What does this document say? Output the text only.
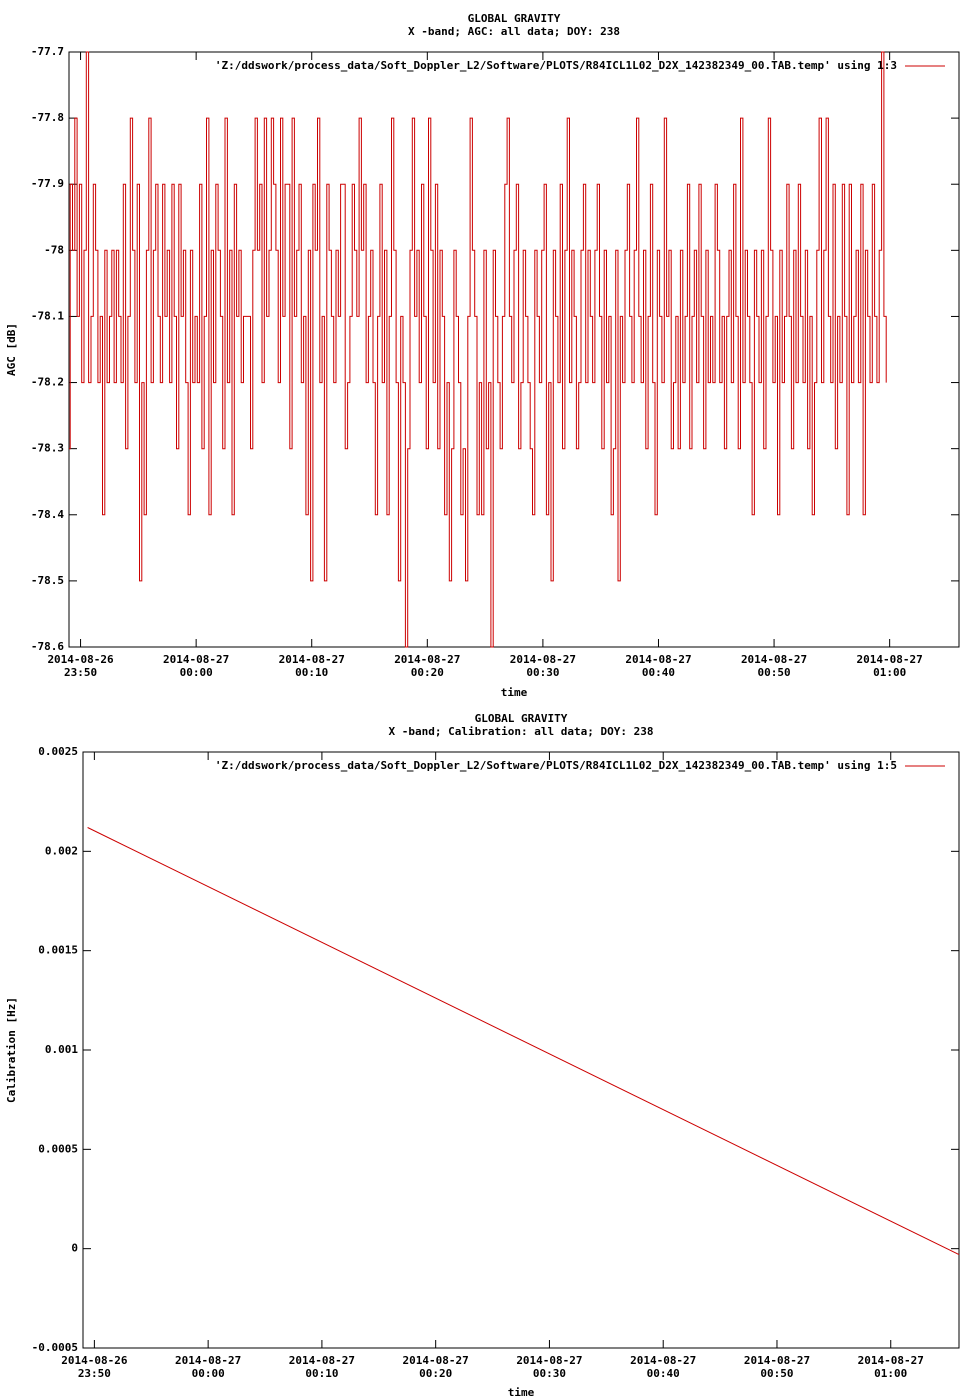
GLOBAL GRAVITY
X -band; AGC: all data; DOY: 238
-77.7
-77.8
-77.9
-78
-78.1
-78.2
-78.3
-78.4
-78.5
-78.6
2014-08-26
23:50
2014-08-27
00:00
2014-08-27
00:10
2014-08-27
00:20
2014-08-27
00:30
2014-08-27
00:40
2014-08-27
00:50
2014-08-27
01:00
time
AGC [dB]
'Z:/ddswork/process_data/Soft_Doppler_L2/Software/PLOTS/R84ICL1L02_D2X_142382349_00.TAB.temp' using 1:3
GLOBAL GRAVITY
X -band; Calibration: all data; DOY: 238
0.0025
0.002
0.0015
0.001
0.0005
0
-0.0005
2014-08-26
23:50
2014-08-27
00:00
2014-08-27
00:10
2014-08-27
00:20
2014-08-27
00:30
2014-08-27
00:40
2014-08-27
00:50
2014-08-27
01:00
time
Calibration [Hz]
'Z:/ddswork/process_data/Soft_Doppler_L2/Software/PLOTS/R84ICL1L02_D2X_142382349_00.TAB.temp' using 1:5
